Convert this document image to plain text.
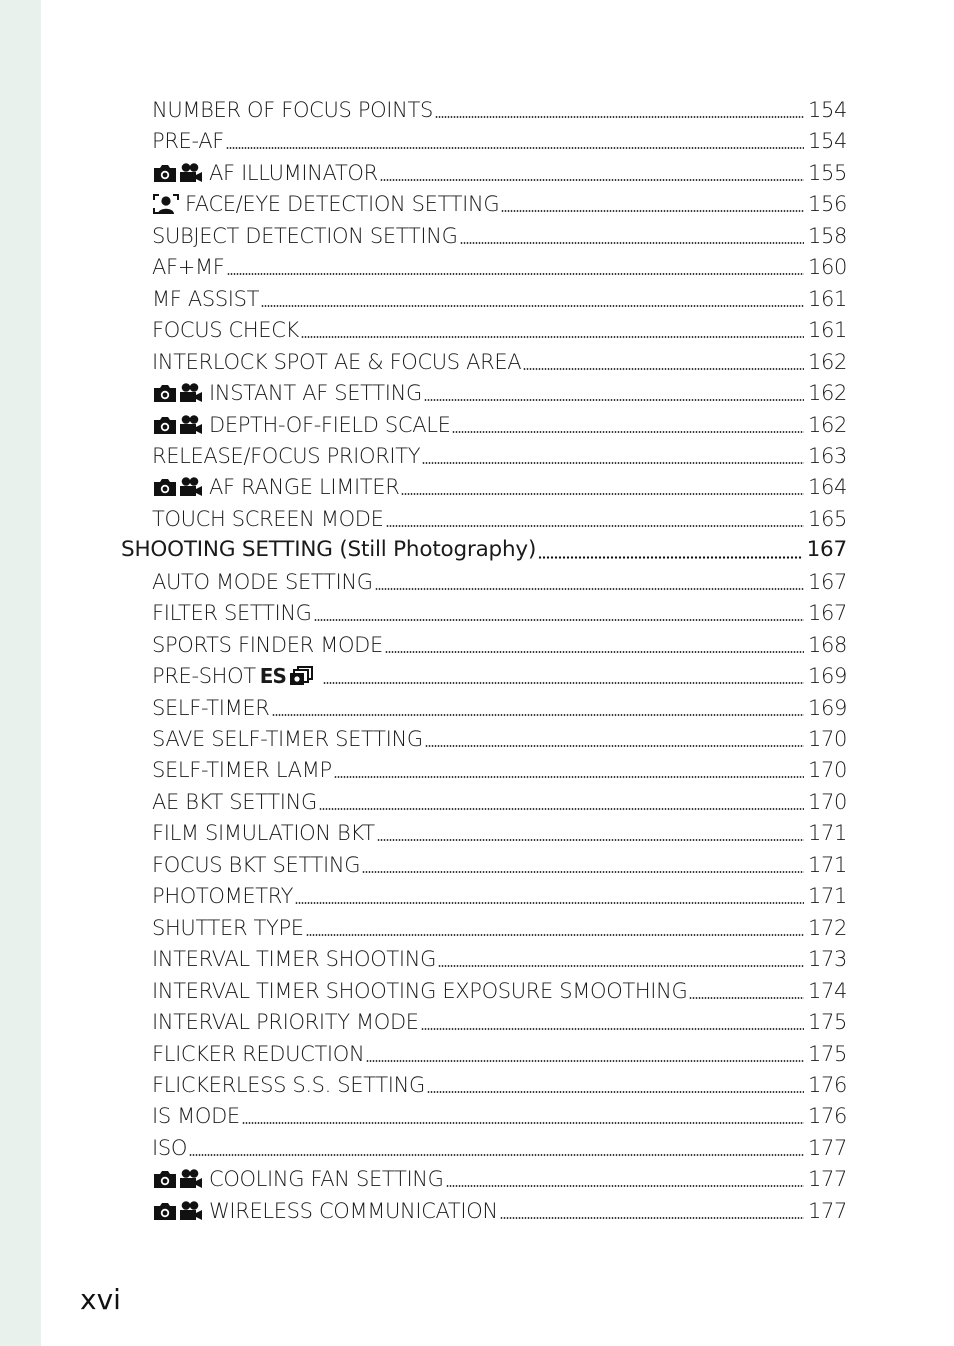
NUMBER OF FOCUS POINTS	154
PRE-AF	154
AF ILLUMINATOR	155
FACE/EYE DETECTION SETTING	156
SUBJECT DETECTION SETTING	158
AF+MF	160
MF ASSIST	161
FOCUS CHECK	161
INTERLOCK SPOT AE & FOCUS AREA	162
INSTANT AF SETTING	162
DEPTH-OF-FIELD SCALE	162
RELEASE/FOCUS PRIORITY	163
AF RANGE LIMITER	164
TOUCH SCREEN MODE	165
SHOOTING SETTING (Still Photography)	167
AUTO MODE SETTING	167
FILTER SETTING	167
SPORTS FINDER MODE	168
PRE-SHOT ES	169
SELF-TIMER	169
SAVE SELF-TIMER SETTING	170
SELF-TIMER LAMP	170
AE BKT SETTING	170
FILM SIMULATION BKT	171
FOCUS BKT SETTING	171
PHOTOMETRY	171
SHUTTER TYPE	172
INTERVAL TIMER SHOOTING	173
INTERVAL TIMER SHOOTING EXPOSURE SMOOTHING	174
INTERVAL PRIORITY MODE	175
FLICKER REDUCTION	175
FLICKERLESS S.S. SETTING	176
IS MODE	176
ISO	177
COOLING FAN SETTING	177
WIRELESS COMMUNICATION	177
xvi
